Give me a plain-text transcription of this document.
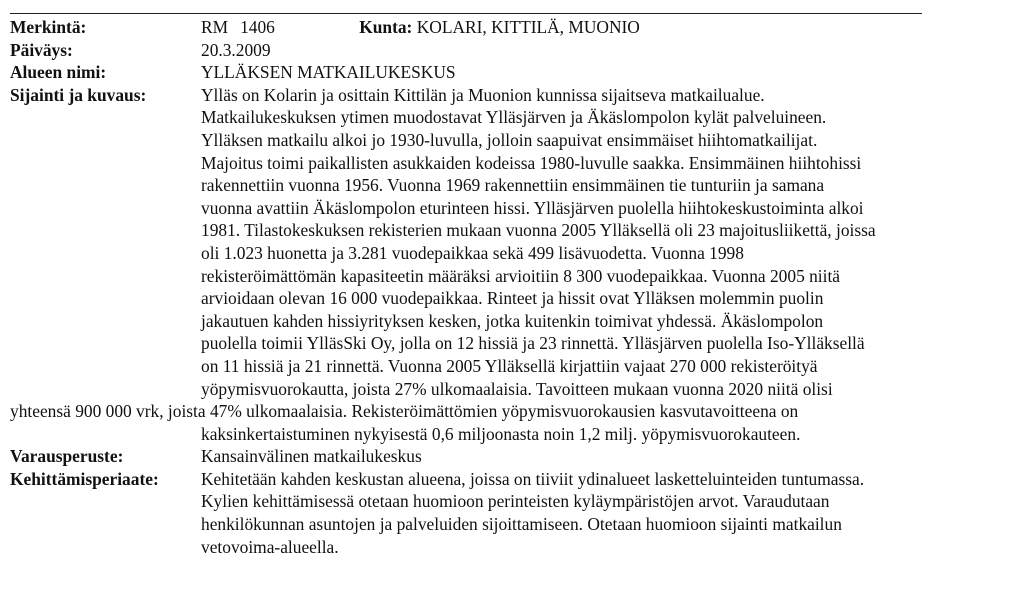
Merkintä:	RM 1406	Kunta: KOLARI, KITTILÄ, MUONIO
Päiväys:	20.3.2009
Alueen nimi:	YLLÄKSEN MATKAILUKESKUS
Sijainti ja kuvaus:	Ylläs on Kolarin ja osittain Kittilän ja Muonion kunnissa sijaitseva matkailualue.
Matkailukeskuksen ytimen muodostavat Ylläsjärven ja Äkäslompolon kylät palveluineen.
Ylläksen matkailu alkoi jo 1930-luvulla, jolloin saapuivat ensimmäiset hiihtomatkailijat.
Majoitus toimi paikallisten asukkaiden kodeissa 1980-luvulle saakka. Ensimmäinen hiihtohissi
rakennettiin vuonna 1956. Vuonna 1969 rakennettiin ensimmäinen tie tunturiin ja samana
vuonna avattiin Äkäslompolon eturinteen hissi. Ylläsjärven puolella hiihtokeskustoiminta alkoi
1981. Tilastokeskuksen rekisterien mukaan vuonna 2005 Ylläksellä oli 23 majoitusliikettä, joissa
oli 1.023 huonetta ja 3.281 vuodepaikkaa sekä 499 lisävuodetta. Vuonna 1998
rekisteröimättömän kapasiteetin määräksi arvioitiin 8 300 vuodepaikkaa. Vuonna 2005 niitä
arvioidaan olevan 16 000 vuodepaikkaa. Rinteet ja hissit ovat Ylläksen molemmin puolin
jakautuen kahden hissiyrityksen kesken, jotka kuitenkin toimivat yhdessä. Äkäslompolon
puolella toimii YlläsSki Oy, jolla on 12 hissiä ja 23 rinnettä. Ylläsjärven puolella Iso-Ylläksellä
on 11 hissiä ja 21 rinnettä. Vuonna 2005 Ylläksellä kirjattiin vajaat 270 000 rekisteröityä
yöpymisvuorokautta, joista 27% ulkomaalaisia. Tavoitteen mukaan vuonna 2020 niitä olisi
yhteensä 900 000 vrk, joista 47% ulkomaalaisia. Rekisteröimättömien yöpymisvuorokausien kasvutavoitteena on
kaksinkertaistuminen nykyisestä 0,6 miljoonasta noin 1,2 milj. yöpymisvuorokauteen.
Varausperuste:	Kansainvälinen matkailukeskus
Kehittämisperiaate: Kehitetään kahden keskustan alueena, joissa on tiiviit ydinalueet lasketteluinteiden tuntumassa.
Kylien kehittämisessä otetaan huomioon perinteisten kyläympäristöjen arvot. Varaudutaan
henkilökunnan asuntojen ja palveluiden sijoittamiseen. Otetaan huomioon sijainti matkailun
vetovoima-alueella.
